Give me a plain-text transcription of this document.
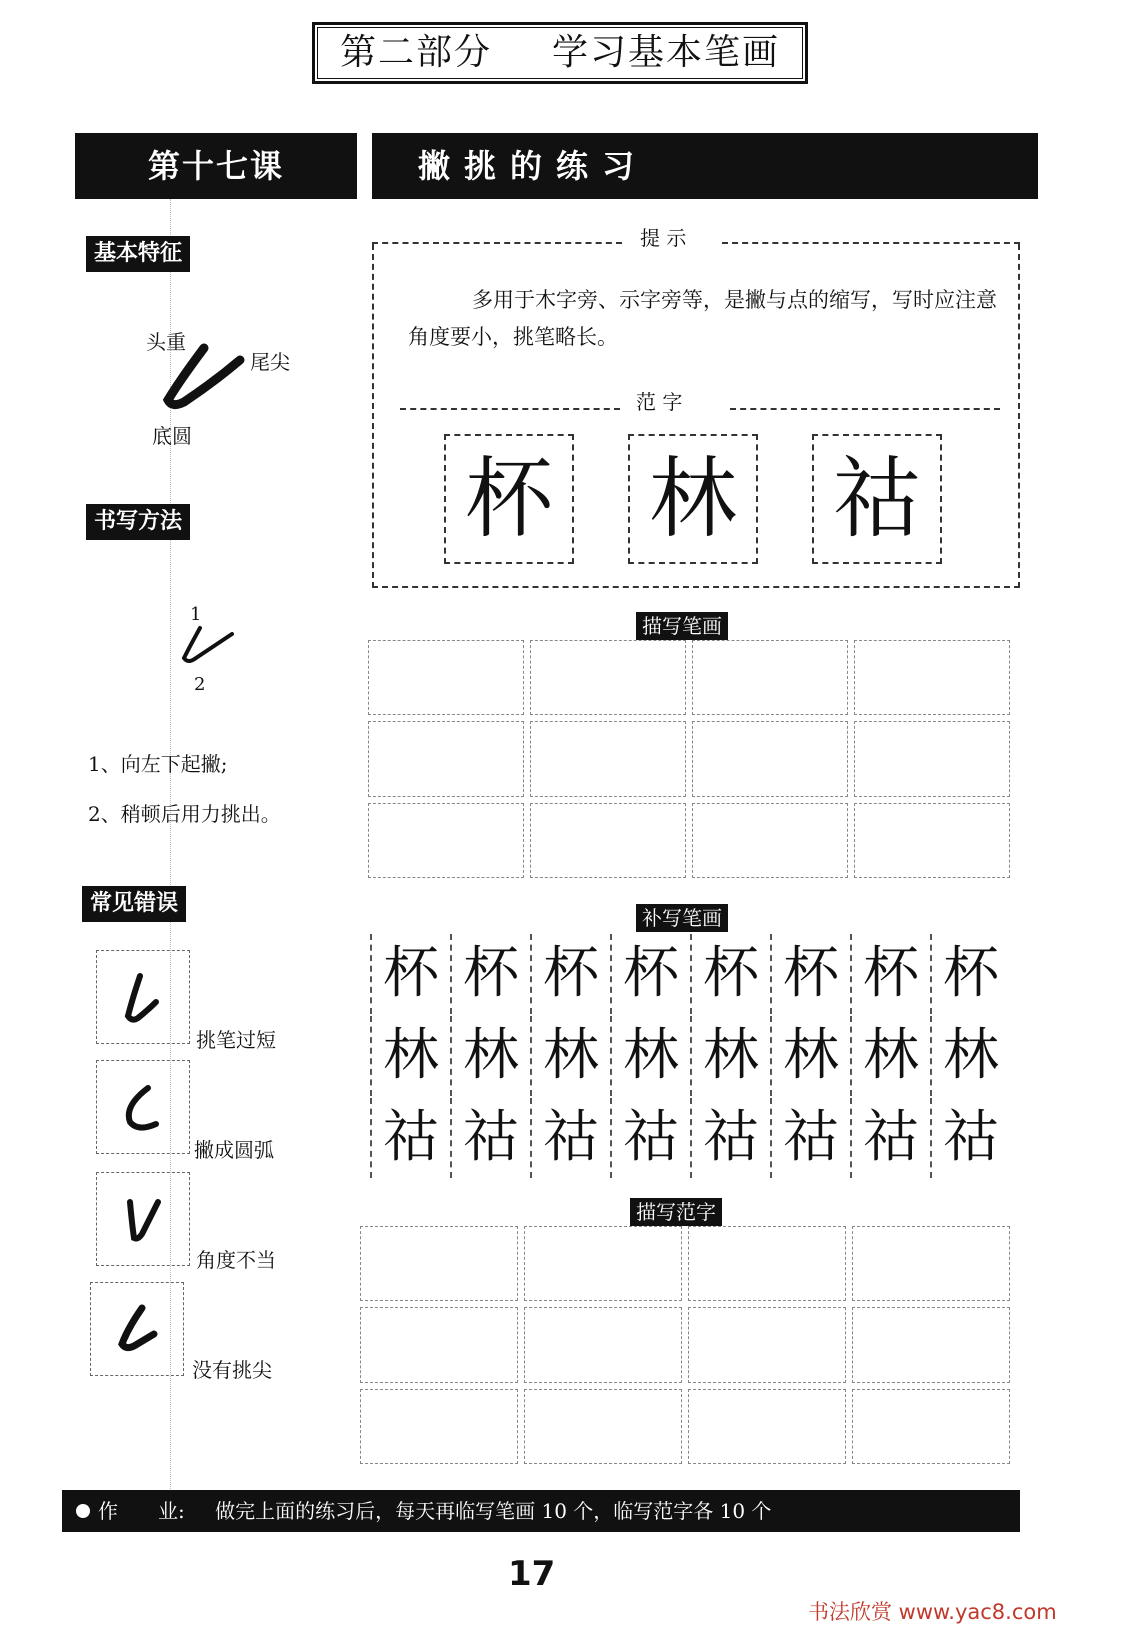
第二部分 学习基本笔画
第十七课	撇挑的练习
基本特征
头重
尾尖
底圆
书写方法
1
2
1、向左下起撇;
2、稍顿后用力挑出。
常见错误
挑笔过短
撇成圆弧
角度不当
没有挑尖
提 示
多用于木字旁、示字旁等，是撇与点的缩写，写时应注意角度要小，挑笔略长。
范 字
杯 林 祜
描写笔画
补写笔画
杯 杯 杯 杯 杯 杯 杯 杯
林 林 林 林 林 林 林 林
祜 祜 祜 祜 祜 祜 祜 祜
描写范字
作　　业: 做完上面的练习后，每天再临写笔画 10 个，临写范字各 10 个
17
书法欣赏 www.yac8.com
